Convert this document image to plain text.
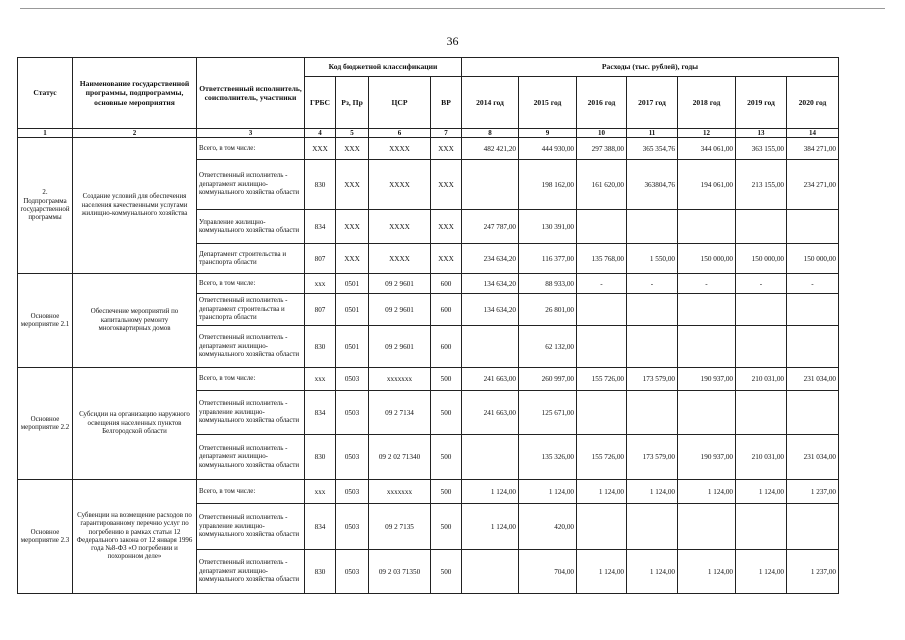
36
Статус	Наименование государственной программы, подпрограммы, основные мероприятия	Ответственный исполнитель, соисполнитель, участники	Код бюджетной классификации				Расходы (тыс. рублей), годы						
			ГРБС	Рз, Пр	ЦСР	ВР	2014 год	2015 год	2016 год	2017 год	2018 год	2019 год	2020 год
1	2	3	4	5	6	7	8	9	10	11	12	13	14
2. Подпрограмма государственной программы	Создание условий для обеспечения населения качественными услугами жилищно-коммунального хозяйства	Всего, в том числе:	XXX	XXX	XXXX	XXX	482 421,20	444 930,00	297 388,00	365 354,76	344 061,00	363 155,00	384 271,00
		Ответственный исполнитель - департамент жилищно-коммунального хозяйства области	830	XXX	XXXX	XXX		198 162,00	161 620,00	363804,76	194 061,00	213 155,00	234 271,00
		Управление жилищно-коммунального хозяйства области	834	XXX	XXXX	XXX	247 787,00	130 391,00					
		Департамент строительства и транспорта области	807	XXX	XXXX	XXX	234 634,20	116 377,00	135 768,00	1 550,00	150 000,00	150 000,00	150 000,00
Основное мероприятие 2.1	Обеспечение мероприятий по капитальному ремонту многоквартирных домов	Всего, в том числе:	xxx	0501	09 2 9601	600	134 634,20	88 933,00	-	-	-	-	-
		Ответственный исполнитель - департамент строительства и транспорта области	807	0501	09 2 9601	600	134 634,20	26 801,00					
		Ответственный исполнитель - департамент жилищно-коммунального хозяйства области	830	0501	09 2 9601	600		62 132,00					
Основное мероприятие 2.2	Субсидии на организацию наружного освещения населенных пунктов Белгородской области	Всего, в том числе:	xxx	0503	xxxxxxx	500	241 663,00	260 997,00	155 726,00	173 579,00	190 937,00	210 031,00	231 034,00
		Ответственный исполнитель - управление жилищно-коммунального хозяйства области	834	0503	09 2 7134	500	241 663,00	125 671,00					
		Ответственный исполнитель - департамент жилищно-коммунального хозяйства области	830	0503	09 2 02 71340	500		135 326,00	155 726,00	173 579,00	190 937,00	210 031,00	231 034,00
Основное мероприятие 2.3	Субвенции на возмещение расходов по гарантированному перечню услуг по погребению в рамках статьи 12 Федерального закона от 12 января 1996 года №8-ФЗ «О погребении и похоронном деле»	Всего, в том числе:	xxx	0503	xxxxxxx	500	1 124,00	1 124,00	1 124,00	1 124,00	1 124,00	1 124,00	1 237,00
		Ответственный исполнитель - управление жилищно-коммунального хозяйства области	834	0503	09 2 7135	500	1 124,00	420,00					
		Ответственный исполнитель - департамент жилищно-коммунального хозяйства области	830	0503	09 2 03 71350	500		704,00	1 124,00	1 124,00	1 124,00	1 124,00	1 237,00
